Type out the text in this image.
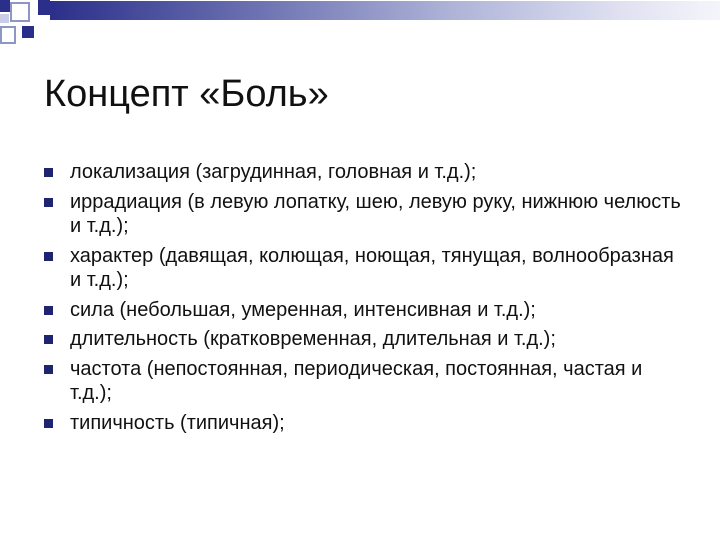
Концепт «Боль»
локализация (загрудинная, головная и т.д.);
иррадиация (в левую лопатку, шею, левую руку, нижнюю челюсть и т.д.);
характер (давящая, колющая, ноющая, тянущая, волнообразная и т.д.);
сила (небольшая, умеренная, интенсивная и т.д.);
длительность (кратковременная, длительная и т.д.);
частота (непостоянная, периодическая, постоянная, частая и т.д.);
типичность (типичная);
